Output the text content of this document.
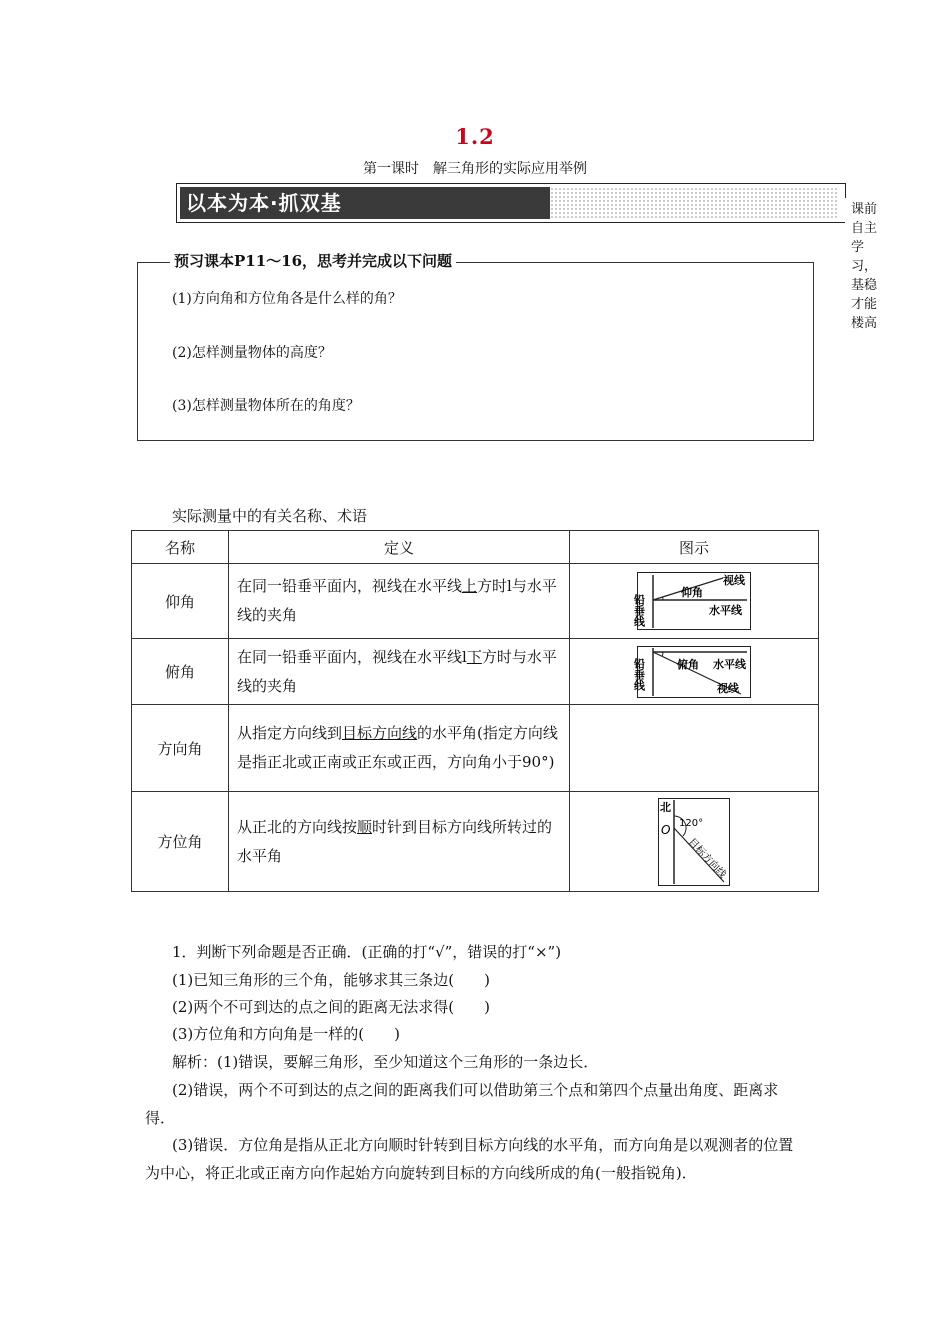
1.2
第一课时　解三角形的实际应用举例
以本为本·抓双基	课前自主学习，基稳才能楼高
预习课本P11～16，思考并完成以下问题
(1)方向角和方位角各是什么样的角？
(2)怎样测量物体的高度？
(3)怎样测量物体所在的角度？
实际测量中的有关名称、术语
名称	定义	图示
仰角	在同一铅垂平面内，视线在水平线上方时l与水平线的夹角	铅垂线
仰角
视线
水平线

俯角	在同一铅垂平面内，视线在水平线l下方时与水平线的夹角	铅垂线 俯角 水平线
视线

方向角	从指定方向线到目标方向线的水平角(指定方向线是指正北或正南或正东或正西，方向角小于90°)	
方位角	从正北的方向线按顺时针到目标方向线所转过的水平角	北
O 120°
目标方向线
1．判断下列命题是否正确．(正确的打“√”，错误的打“×”)
(1)已知三角形的三个角，能够求其三条边(　　)
(2)两个不可到达的点之间的距离无法求得(　　)
(3)方位角和方向角是一样的(　　)
解析：(1)错误，要解三角形，至少知道这个三角形的一条边长．
(2)错误，两个不可到达的点之间的距离我们可以借助第三个点和第四个点量出角度、距离求得．
(3)错误．方位角是指从正北方向顺时针转到目标方向线的水平角，而方向角是以观测者的位置为中心，将正北或正南方向作起始方向旋转到目标的方向线所成的角(一般指锐角)．
